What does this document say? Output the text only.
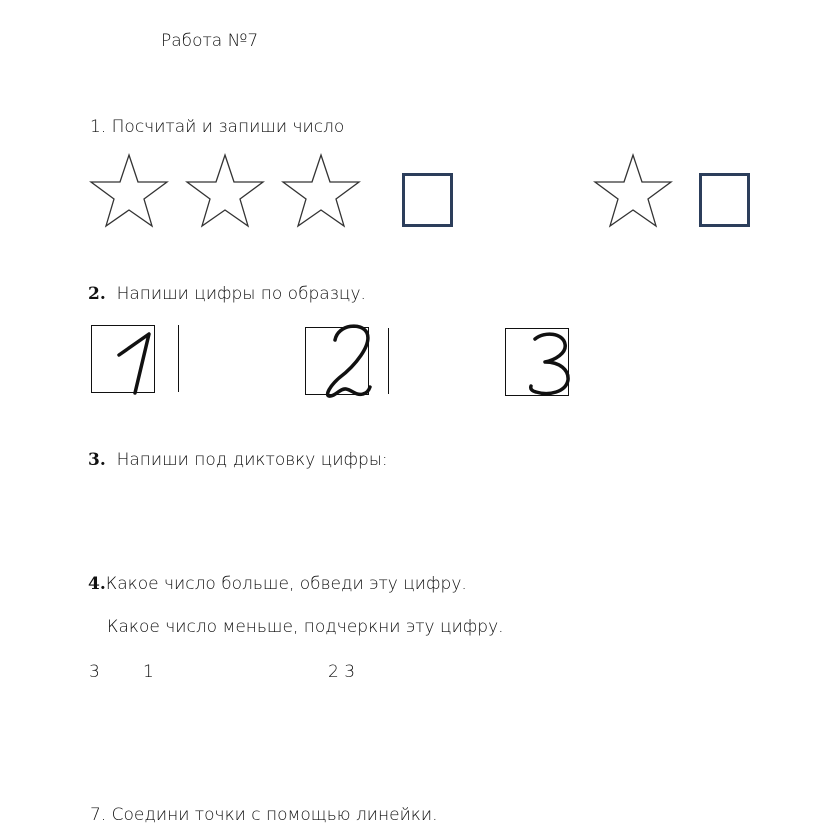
Работа №7
1. Посчитай и запиши число
2. Напиши цифры по образцу.
3. Напиши под диктовку цифры:
4.Какое число больше, обведи эту цифру.
Какое число меньше, подчеркни эту цифру.
3	1	2 3
7. Соедини точки с помощью линейки.
